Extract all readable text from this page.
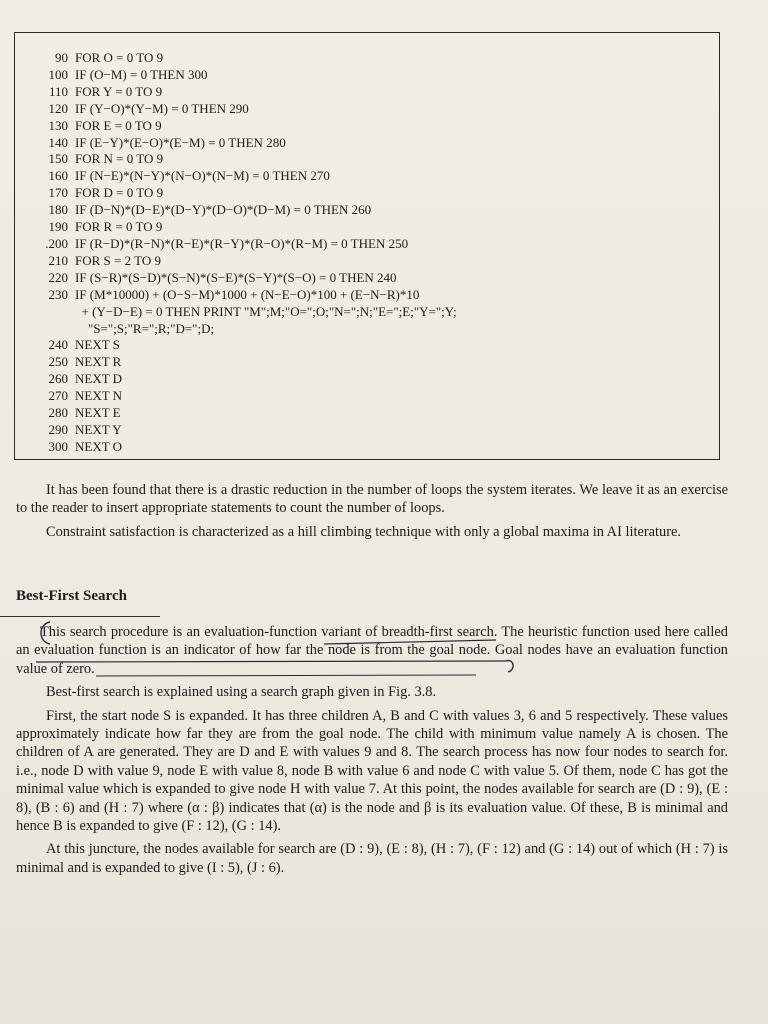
90 FOR O = 0 TO 9
100 IF (O−M) = 0 THEN 300
110 FOR Y = 0 TO 9
120 IF (Y−O)*(Y−M) = 0 THEN 290
130 FOR E = 0 TO 9
140 IF (E−Y)*(E−O)*(E−M) = 0 THEN 280
150 FOR N = 0 TO 9
160 IF (N−E)*(N−Y)*(N−O)*(N−M) = 0 THEN 270
170 FOR D = 0 TO 9
180 IF (D−N)*(D−E)*(D−Y)*(D−O)*(D−M) = 0 THEN 260
190 FOR R = 0 TO 9
.200 IF (R−D)*(R−N)*(R−E)*(R−Y)*(R−O)*(R−M) = 0 THEN 250
210 FOR S = 2 TO 9
220 IF (S−R)*(S−D)*(S−N)*(S−E)*(S−Y)*(S−O) = 0 THEN 240
230 IF (M*10000) + (O−S−M)*1000 + (N−E−O)*100 + (E−N−R)*10
+ (Y−D−E) = 0 THEN PRINT "M";M;"O=";O;"N=";N;"E=";E;"Y=";Y;
"S=";S;"R=";R;"D=";D;
240 NEXT S
250 NEXT R
260 NEXT D
270 NEXT N
280 NEXT E
290 NEXT Y
300 NEXT O

It has been found that there is a drastic reduction in the number of loops the system iterates. We leave it as an exercise to the reader to insert appropriate statements to count the number of loops.

Constraint satisfaction is characterized as a hill climbing technique with only a global maxima in AI literature.

Best-First Search

This search procedure is an evaluation-function variant of breadth-first search. The heuristic function used here called an evaluation function is an indicator of how far the node is from the goal node. Goal nodes have an evaluation function value of zero.

Best-first search is explained using a search graph given in Fig. 3.8.

First, the start node S is expanded. It has three children A, B and C with values 3, 6 and 5 respectively. These values approximately indicate how far they are from the goal node. The child with minimum value namely A is chosen. The children of A are generated. They are D and E with values 9 and 8. The search process has now four nodes to search for. i.e., node D with value 9, node E with value 8, node B with value 6 and node C with value 5. Of them, node C has got the minimal value which is expanded to give node H with value 7. At this point, the nodes available for search are (D : 9), (E : 8), (B : 6) and (H : 7) where (α : β) indicates that (α) is the node and β is its evaluation value. Of these, B is minimal and hence B is expanded to give (F : 12), (G : 14).

At this juncture, the nodes available for search are (D : 9), (E : 8), (H : 7), (F : 12) and (G : 14) out of which (H : 7) is minimal and is expanded to give (I : 5), (J : 6).
